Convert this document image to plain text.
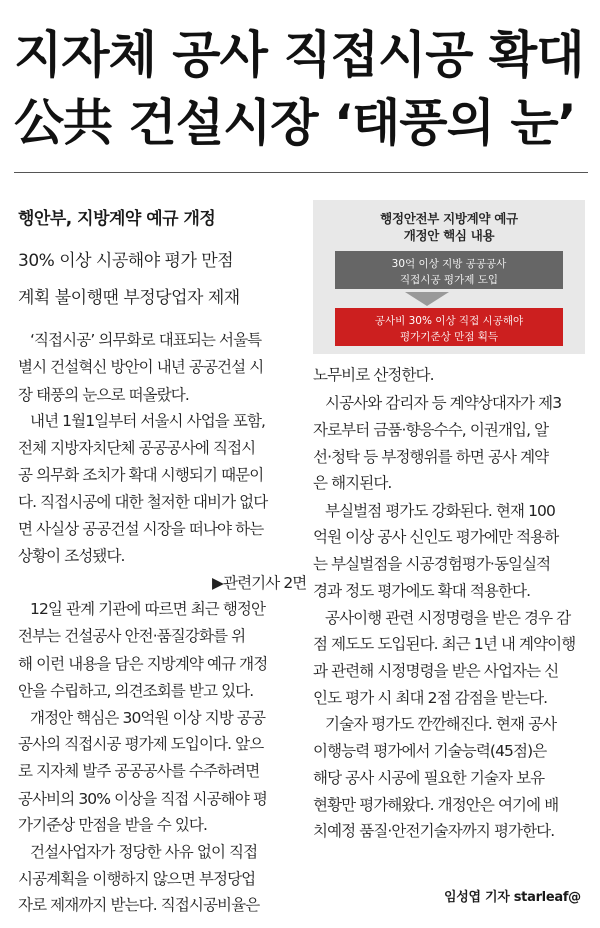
지자체 공사 직접시공 확대
公共 건설시장 ‘태풍의 눈’
행안부, 지방계약 예규 개정
30% 이상 시공해야 평가 만점
계획 불이행땐 부정당업자 제재
행정안전부 지방계약 예규
개정안 핵심 내용
30억 이상 지방 공공공사
직접시공 평가제 도입
공사비 30% 이상 직접 시공해야
평가기준상 만점 획득
‘직접시공’ 의무화로 대표되는 서울특
별시 건설혁신 방안이 내년 공공건설 시
장 태풍의 눈으로 떠올랐다.
내년 1월1일부터 서울시 사업을 포함,
전체 지방자치단체 공공공사에 직접시
공 의무화 조치가 확대 시행되기 때문이
다. 직접시공에 대한 철저한 대비가 없다
면 사실상 공공건설 시장을 떠나야 하는
상황이 조성됐다.
▶관련기사 2면
12일 관계 기관에 따르면 최근 행정안
전부는 건설공사 안전·품질강화를 위
해 이런 내용을 담은 지방계약 예규 개정
안을 수립하고, 의견조회를 받고 있다.
개정안 핵심은 30억원 이상 지방 공공
공사의 직접시공 평가제 도입이다. 앞으
로 지자체 발주 공공공사를 수주하려면
공사비의 30% 이상을 직접 시공해야 평
가기준상 만점을 받을 수 있다.
건설사업자가 정당한 사유 없이 직접
시공계획을 이행하지 않으면 부정당업
자로 제재까지 받는다. 직접시공비율은
노무비로 산정한다.
시공사와 감리자 등 계약상대자가 제3
자로부터 금품·향응수수, 이권개입, 알
선·청탁 등 부정행위를 하면 공사 계약
은 해지된다.
부실벌점 평가도 강화된다. 현재 100
억원 이상 공사 신인도 평가에만 적용하
는 부실벌점을 시공경험평가·동일실적
경과 정도 평가에도 확대 적용한다.
공사이행 관련 시정명령을 받은 경우 감
점 제도도 도입된다. 최근 1년 내 계약이행
과 관련해 시정명령을 받은 사업자는 신
인도 평가 시 최대 2점 감점을 받는다.
기술자 평가도 깐깐해진다. 현재 공사
이행능력 평가에서 기술능력(45점)은
해당 공사 시공에 필요한 기술자 보유
현황만 평가해왔다. 개정안은 여기에 배
치예정 품질·안전기술자까지 평가한다.
임성엽 기자 starleaf@
